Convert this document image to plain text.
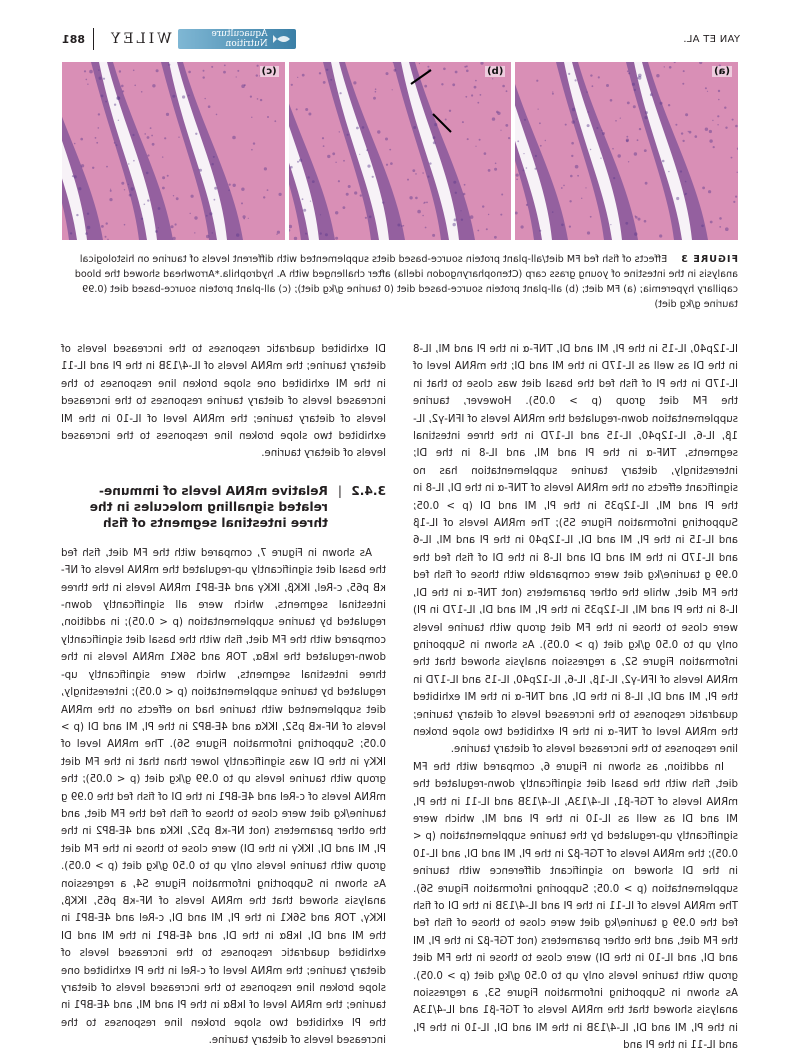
YAN ET AL.
Aquaculture Nutrition
WILEY
881
(a)
(b)
(c)
FIGURE 3 Effects of fish fed FM diet/all-plant protein source-based diets supplemented with different levels of taurine on histological analysis in the intestine of young grass carp (Ctenopharyngodon idella) after challenged with A. hydrophila.*Arrowhead showed the blood capillary hyperemia; (a) FM diet; (b) all-plant protein source-based diet (0 taurine g/kg diet); (c) all-plant protein source-based diet (0.99 taurine g/kg diet)

IL-12p40, IL-15 in the PI, MI and DI, TNF-α in the PI and MI, IL-8 in the DI as well as IL-17D in the MI and DI; the mRNA level of IL-17D in the PI of fish fed the basal diet was close to that in the FM diet group (p > 0.05). However, taurine supplementation down-regulated the mRNA levels of IFN-γ2, IL-1β, IL-6, IL-12p40, IL-15 and IL-17D in the three intestinal segments, TNF-α in the PI and MI, and IL-8 in the DI; interestingly, dietary taurine supplementation has no significant effects on the mRNA levels of TNF-α in the DI, IL-8 in the PI and MI, IL-12p35 in the PI, MI and DI (p > 0.05; Supporting information Figure S5); The mRNA levels of IL-1β and IL-15 in the PI, MI and DI, IL-12p40 in the PI and MI, IL-6 and IL-17D in the MI and DI and IL-8 in the DI of fish fed the 0.99 g taurine/kg diet were comparable with those of fish fed the FM diet, while the other parameters (not TNF-α in the DI, IL-8 in the PI and MI, IL-12p35 in the PI, MI and DI, IL-17D in PI) were close to those in the FM diet group with taurine levels only up to 0.50 g/kg diet (p > 0.05). As shown in Supporing information Figure S2, a regression analysis showed that the mRNA levels of IFN-γ2, IL-1β, IL-6, IL-12p40, IL-15 and IL-17D in the PI, MI and DI, IL-8 in the DI, and TNF-α in the MI exhibited quadratic responses to the increased levels of dietary taurine; the mRNA level of TNF-α in the PI exhibited two slope broken line responses to the increased levels of dietary taurine.

In addition, as shown in Figure 6, compared with the FM diet, fish with the basal diet significantly down-regulated the mRNA levels of TGF-β1, IL-4/13A, IL-4/13B and IL-11 in the PI, MI and DI as well as IL-10 in the PI and MI, which were significantly up-regulated by the taurine supplementation (p < 0.05); the mRNA levels of TGF-β2 in the PI, MI and DI, and IL-10 in the DI showed no significant difference with taurine supplementation (p > 0.05; Supporing information Figure S6). The mRNA levels of IL-11 in the PI and IL-4/13B in the DI of fish fed the 0.99 g taurine/kg diet were close to those of fish fed the FM diet, and the other parameters (not TGF-β2 in the PI, MI and DI, and IL-10 in the DI) were close to those in the FM diet group with taurine levels only up to 0.50 g/kg diet (p > 0.05). As shown in Supporting information Figure S3, a regression analysis showed that the mRNA levels of TGF-β1 and IL-4/13A in the PI, MI and DI, IL-4/13B in the MI and DI, IL-10 in the PI, and IL-11 in the PI and

DI exhibited quadratic responses to the increased levels of dietary taurine; the mRNA levels of IL-4/13B in the PI and IL-11 in the MI exhibited one slope broken line responses to the increased levels of dietary taurine responses to the increased levels of dietary taurine; the mRNA level of IL-10 in the MI exhibited two slope broken line responses to the increased levels of dietary taurine.

3.4.2
|
Relative mRNA levels of immune-related signalling molecules in the three intestinal segments of fish

As shown in Figure 7, compared with the FM diet, fish fed the basal diet significantly up-regulated the mRNA levels of NF-κB p65, c-Rel, IKKβ, IKKγ and 4E-BP1 mRNA levels in the three intestinal segments, which were all significantly down-regulated by taurine supplementation (p < 0.05); in addition, compared with the FM diet, fish with the basal diet significantly down-regulated the IκBα, TOR and S6K1 mRNA levels in the three intestinal segments, which were significantly up-regulated by taurine supplementation (p < 0.05); interestingly, diet supplemented with taurine had no effects on the mRNA levels of NF-κB p52, IKKα and 4E-BP2 in the PI, MI and DI (p > 0.05; Supporting information Figure S6). The mRNA level of IKKγ in the DI was significantly lower than that in the FM diet group with taurine levels up to 0.99 g/kg diet (p < 0.05); the mRNA levels of c-Rel and 4E-BP1 in the DI of fish fed the 0.99 g taurine/kg diet were close to those of fish fed the FM diet, and the other parameters (not NF-κB p52, IKKα and 4E-BP2 in the PI, MI and DI, IKKγ in the DI) were close to those in the FM diet group with taurine levels only up to 0.50 g/kg diet (p > 0.05). As shown in Supporting information Figure S4, a regression analysis showed that the mRNA levels of NF-κB p65, IKKβ, IKKγ, TOR and S6K1 in the PI, MI and DI, c-Rel and 4E-BP1 in the MI and DI, IκBα in the DI, and 4E-BP1 in the MI and DI exhibited quadratic responses to the increased levels of dietary taurine; the mRNA level of c-Rel in the PI exhibited one slope broken line responses to the increased levels of dietary taurine; the mRNA level of IκBα in the PI and MI, and 4E-BP1 in the PI exhibited two slope broken line responses to the increased levels of dietary taurine.
